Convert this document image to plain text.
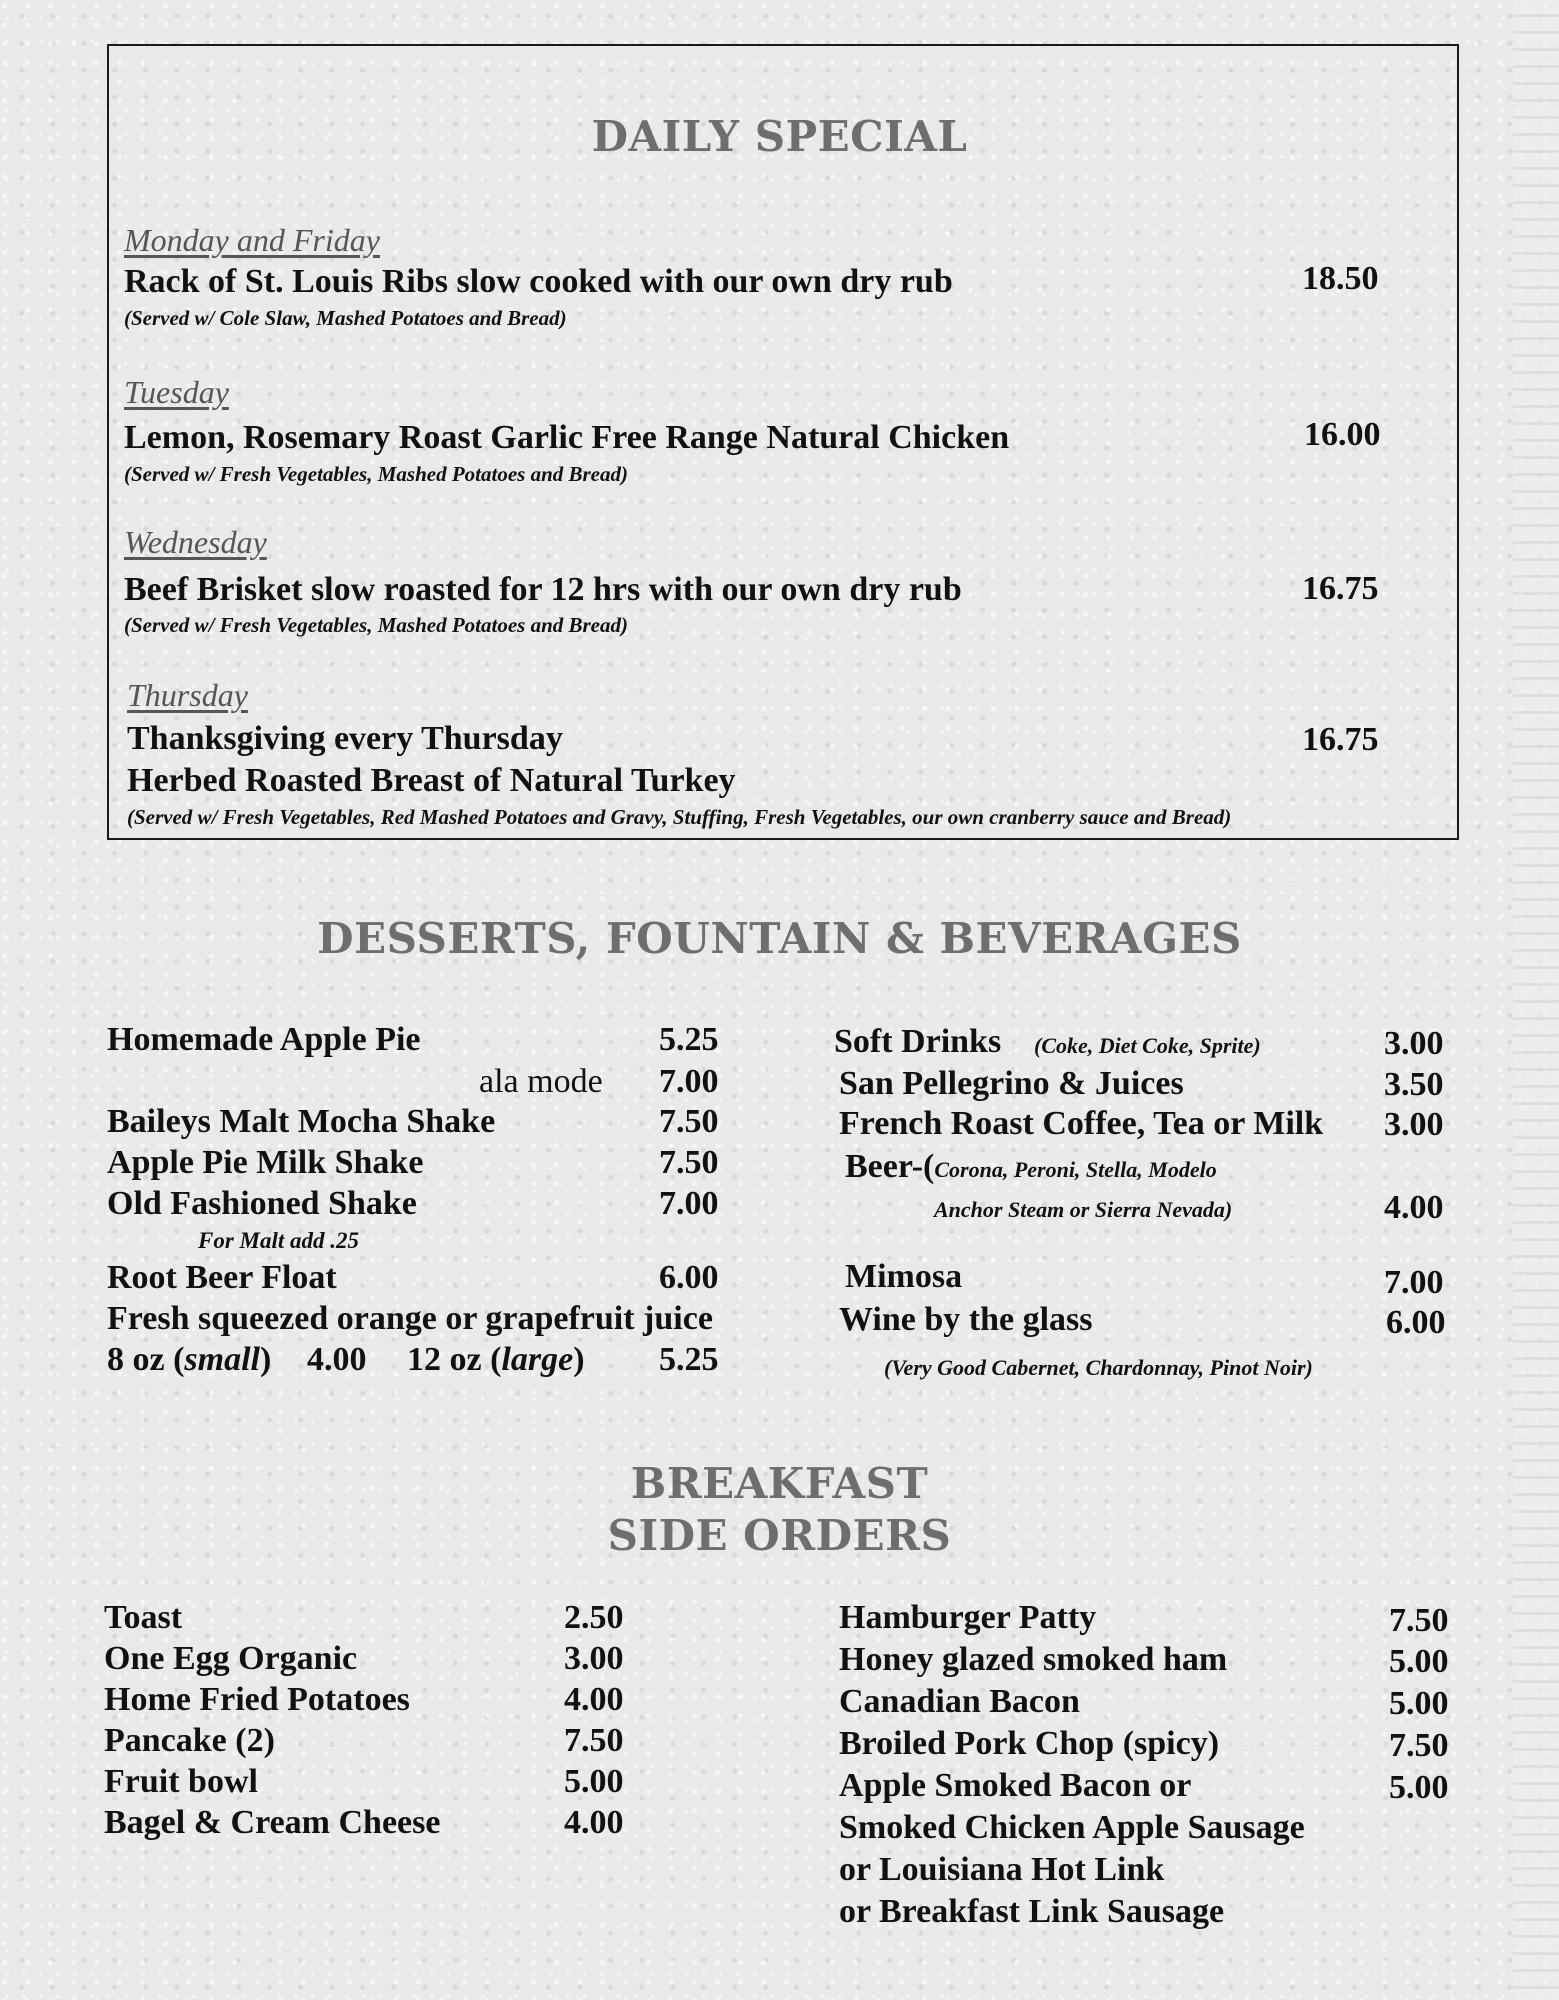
DAILY SPECIAL
Monday and Friday
Rack of St. Louis Ribs slow cooked with our own dry rub	18.50
(Served w/ Cole Slaw, Mashed Potatoes and Bread)
Tuesday
Lemon, Rosemary Roast Garlic Free Range Natural Chicken	16.00
(Served w/ Fresh Vegetables, Mashed Potatoes and Bread)
Wednesday
Beef Brisket slow roasted for 12 hrs with our own dry rub	16.75
(Served w/ Fresh Vegetables, Mashed Potatoes and Bread)
Thursday
Thanksgiving every Thursday	16.75
Herbed Roasted Breast of Natural Turkey
(Served w/ Fresh Vegetables, Red Mashed Potatoes and Gravy, Stuffing, Fresh Vegetables, our own cranberry sauce and Bread)
DESSERTS, FOUNTAIN & BEVERAGES
Homemade Apple Pie	5.25
ala mode 7.00
Baileys Malt Mocha Shake	7.50
Apple Pie Milk Shake	7.50
Old Fashioned Shake	7.00
For Malt add .25
Root Beer Float	6.00
Fresh squeezed orange or grapefruit juice
8 oz (small) 4.00 12 oz (large) 5.25
Soft Drinks (Coke, Diet Coke, Sprite)	3.00
San Pellegrino & Juices	3.50
French Roast Coffee, Tea or Milk 3.00
Beer-(Corona, Peroni, Stella, Modelo
Anchor Steam or Sierra Nevada)	4.00
Mimosa	7.00
Wine by the glass	6.00
(Very Good Cabernet, Chardonnay, Pinot Noir)
BREAKFAST
SIDE ORDERS
Toast	2.50
One Egg Organic	3.00
Home Fried Potatoes	4.00
Pancake (2)	7.50
Fruit bowl	5.00
Bagel & Cream Cheese	4.00
Hamburger Patty	7.50
Honey glazed smoked ham	5.00
Canadian Bacon	5.00
Broiled Pork Chop (spicy)	7.50
Apple Smoked Bacon or	5.00
Smoked Chicken Apple Sausage
or Louisiana Hot Link
or Breakfast Link Sausage
